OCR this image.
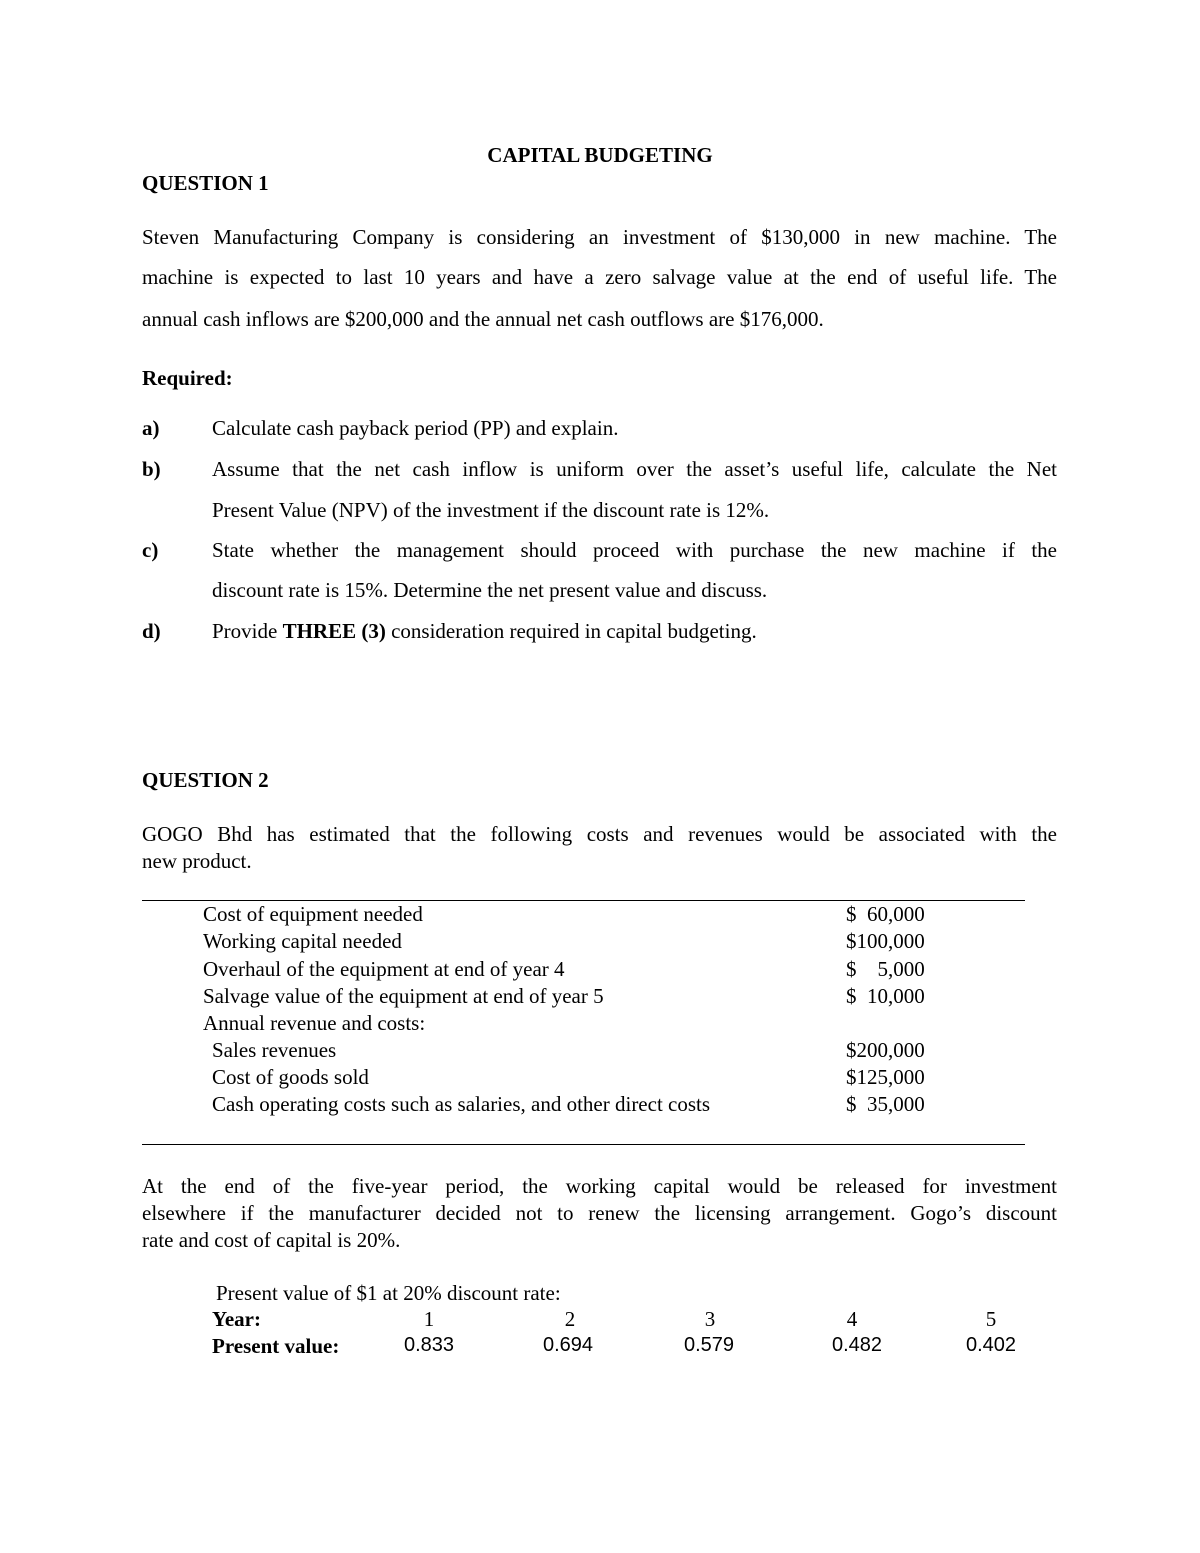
CAPITAL BUDGETING
QUESTION 1
Steven Manufacturing Company is considering an investment of $130,000 in new machine. The
machine is expected to last 10 years and have a zero salvage value at the end of useful life. The
annual cash inflows are $200,000 and the annual net cash outflows are $176,000.
Required:
a)	Calculate cash payback period (PP) and explain.
b) Assume that the net cash inflow is uniform over the asset’s useful life, calculate the Net
Present Value (NPV) of the investment if the discount rate is 12%.
c)	State whether the management should proceed with purchase the new machine if the
discount rate is 15%. Determine the net present value and discuss.
d) Provide THREE (3) consideration required in capital budgeting.
QUESTION 2
GOGO Bhd has estimated that the following costs and revenues would be associated with the
new product.
Cost of equipment needed	$  60,000
Working capital needed	$100,000
Overhaul of the equipment at end of year 4	$    5,000
Salvage value of the equipment at end of year 5	$  10,000
Annual revenue and costs:
Sales revenues	$200,000
Cost of goods sold	$125,000
Cash operating costs such as salaries, and other direct costs	$  35,000
At the end of the five-year period, the working capital would be released for investment
elsewhere if the manufacturer decided not to renew the licensing arrangement. Gogo’s discount
rate and cost of capital is 20%.
Present value of $1 at 20% discount rate:
Year:	1	2	3	4	5
Present value:	0.833	0.694	0.579	0.482	0.402
